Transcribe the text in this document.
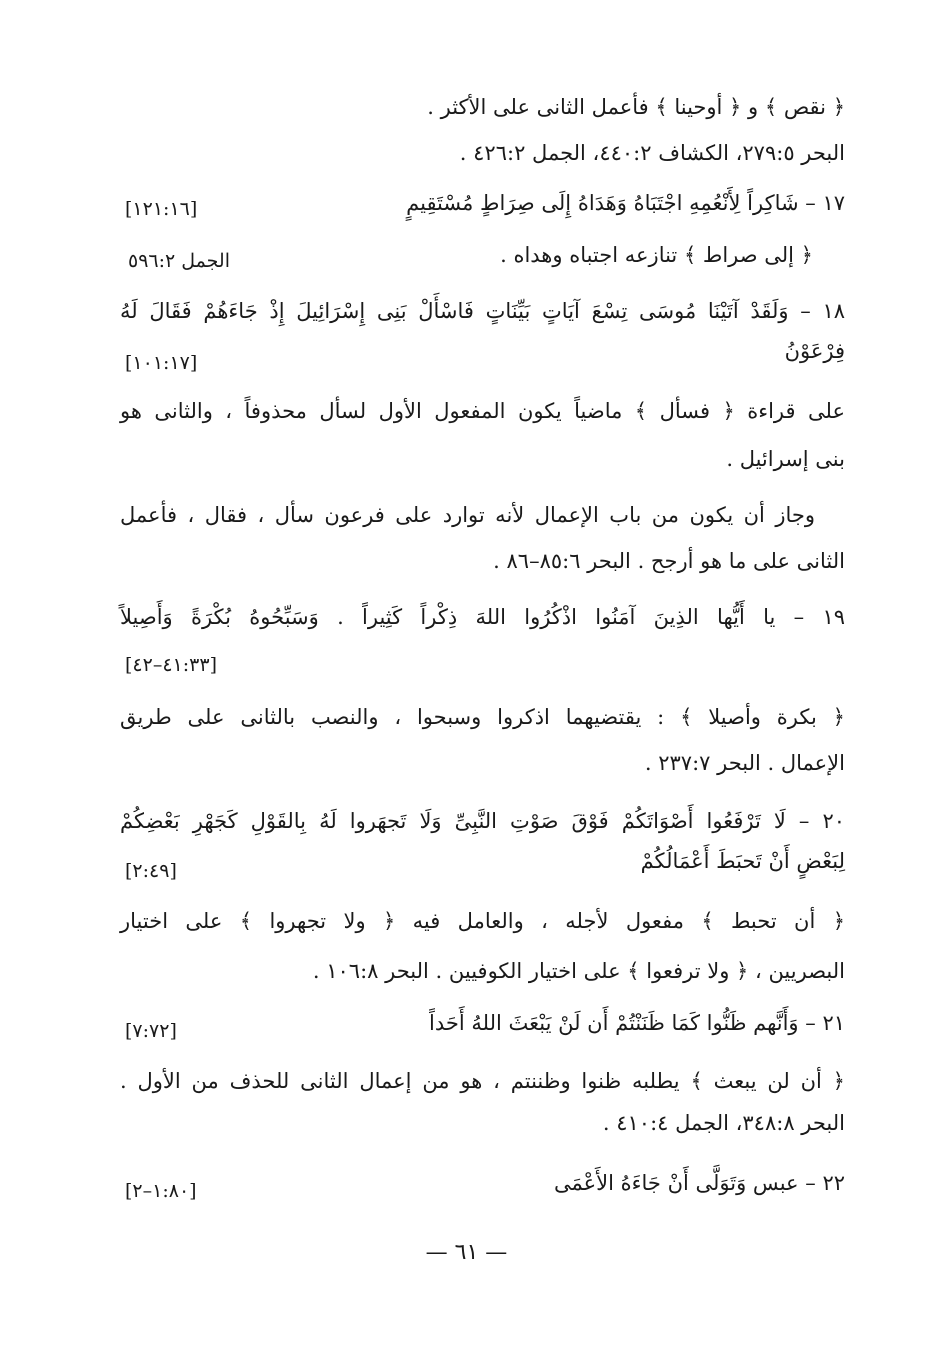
﴿ نقص ﴾ و ﴿ أوحينا ﴾ فأعمل الثانى على الأكثر .
البحر ٢٧٩:٥، الكشاف ٤٤٠:٢، الجمل ٤٢٦:٢ .
١٧ – شَاكِراً لِأَنْعُمِهِ اجْتَبَاهُ وَهَدَاهُ إِلَى صِرَاطٍ مُسْتَقِيمٍ
[١٢١:١٦]
﴿ إلى صراط ﴾ تنازعه اجتباه وهداه .
الجمل ٥٩٦:٢
١٨ – وَلَقَدْ آتَيْنَا مُوسَى تِسْعَ آيَاتٍ بَيِّنَاتٍ فَاسْأَلْ بَنِى إِسْرَائِيلَ إِذْ جَاءَهُمْ فَقَالَ لَهُ
فِرْعَوْنُ
[١٠١:١٧]
على قراءة ﴿ فسأل ﴾ ماضياً يكون المفعول الأول لسأل محذوفاً ، والثانى هو
بنى إسرائيل .
وجاز أن يكون من باب الإعمال لأنه توارد على فرعون سأل ، فقال ، فأعمل
الثانى على ما هو أرجح . البحر ٨٥:٦–٨٦ .
١٩ – يا أَيُّها الذِينَ آمَنُوا اذْكُرُوا اللهَ ذِكْراً كَثِيراً . وَسَبِّحُوهُ بُكْرَةً وَأَصِيلاً
[٤١:٣٣–٤٢]
﴿ بكرة وأصيلا ﴾ : يقتضيهما اذكروا وسبحوا ، والنصب بالثانى على طريق
الإعمال . البحر ٢٣٧:٧ .
٢٠ – لَا تَرْفَعُوا أَصْوَاتَكُمْ فَوْقَ صَوْتِ النَّبِىِّ وَلَا تَجهَروا لَهُ بِالقَوْلِ كَجَهْرِ بَعْضِكُمْ
لِبَعْضٍ أَنْ تَحبَطَ أَعْمَالُكُمْ
[٢:٤٩]
﴿ أن تحبط ﴾ مفعول لأجله ، والعامل فيه ﴿ ولا تجهروا ﴾ على اختيار
البصريين ، ﴿ ولا ترفعوا ﴾ على اختيار الكوفيين . البحر ١٠٦:٨ .
٢١ – وَأَنَّهم ظَنُّوا كَمَا ظَنَنْتُمْ أَن لَنْ يَبْعَثَ اللهُ أَحَداً
[٧:٧٢]
﴿ أن لن يبعث ﴾ يطلبه ظنوا وظننتم ، هو من إعمال الثانى للحذف من الأول .
البحر ٣٤٨:٨، الجمل ٤١٠:٤ .
٢٢ – عبس وَتَوَلَّى أَنْ جَاءَهُ الأَعْمَى
[١:٨٠–٢]
— ٦١ —
